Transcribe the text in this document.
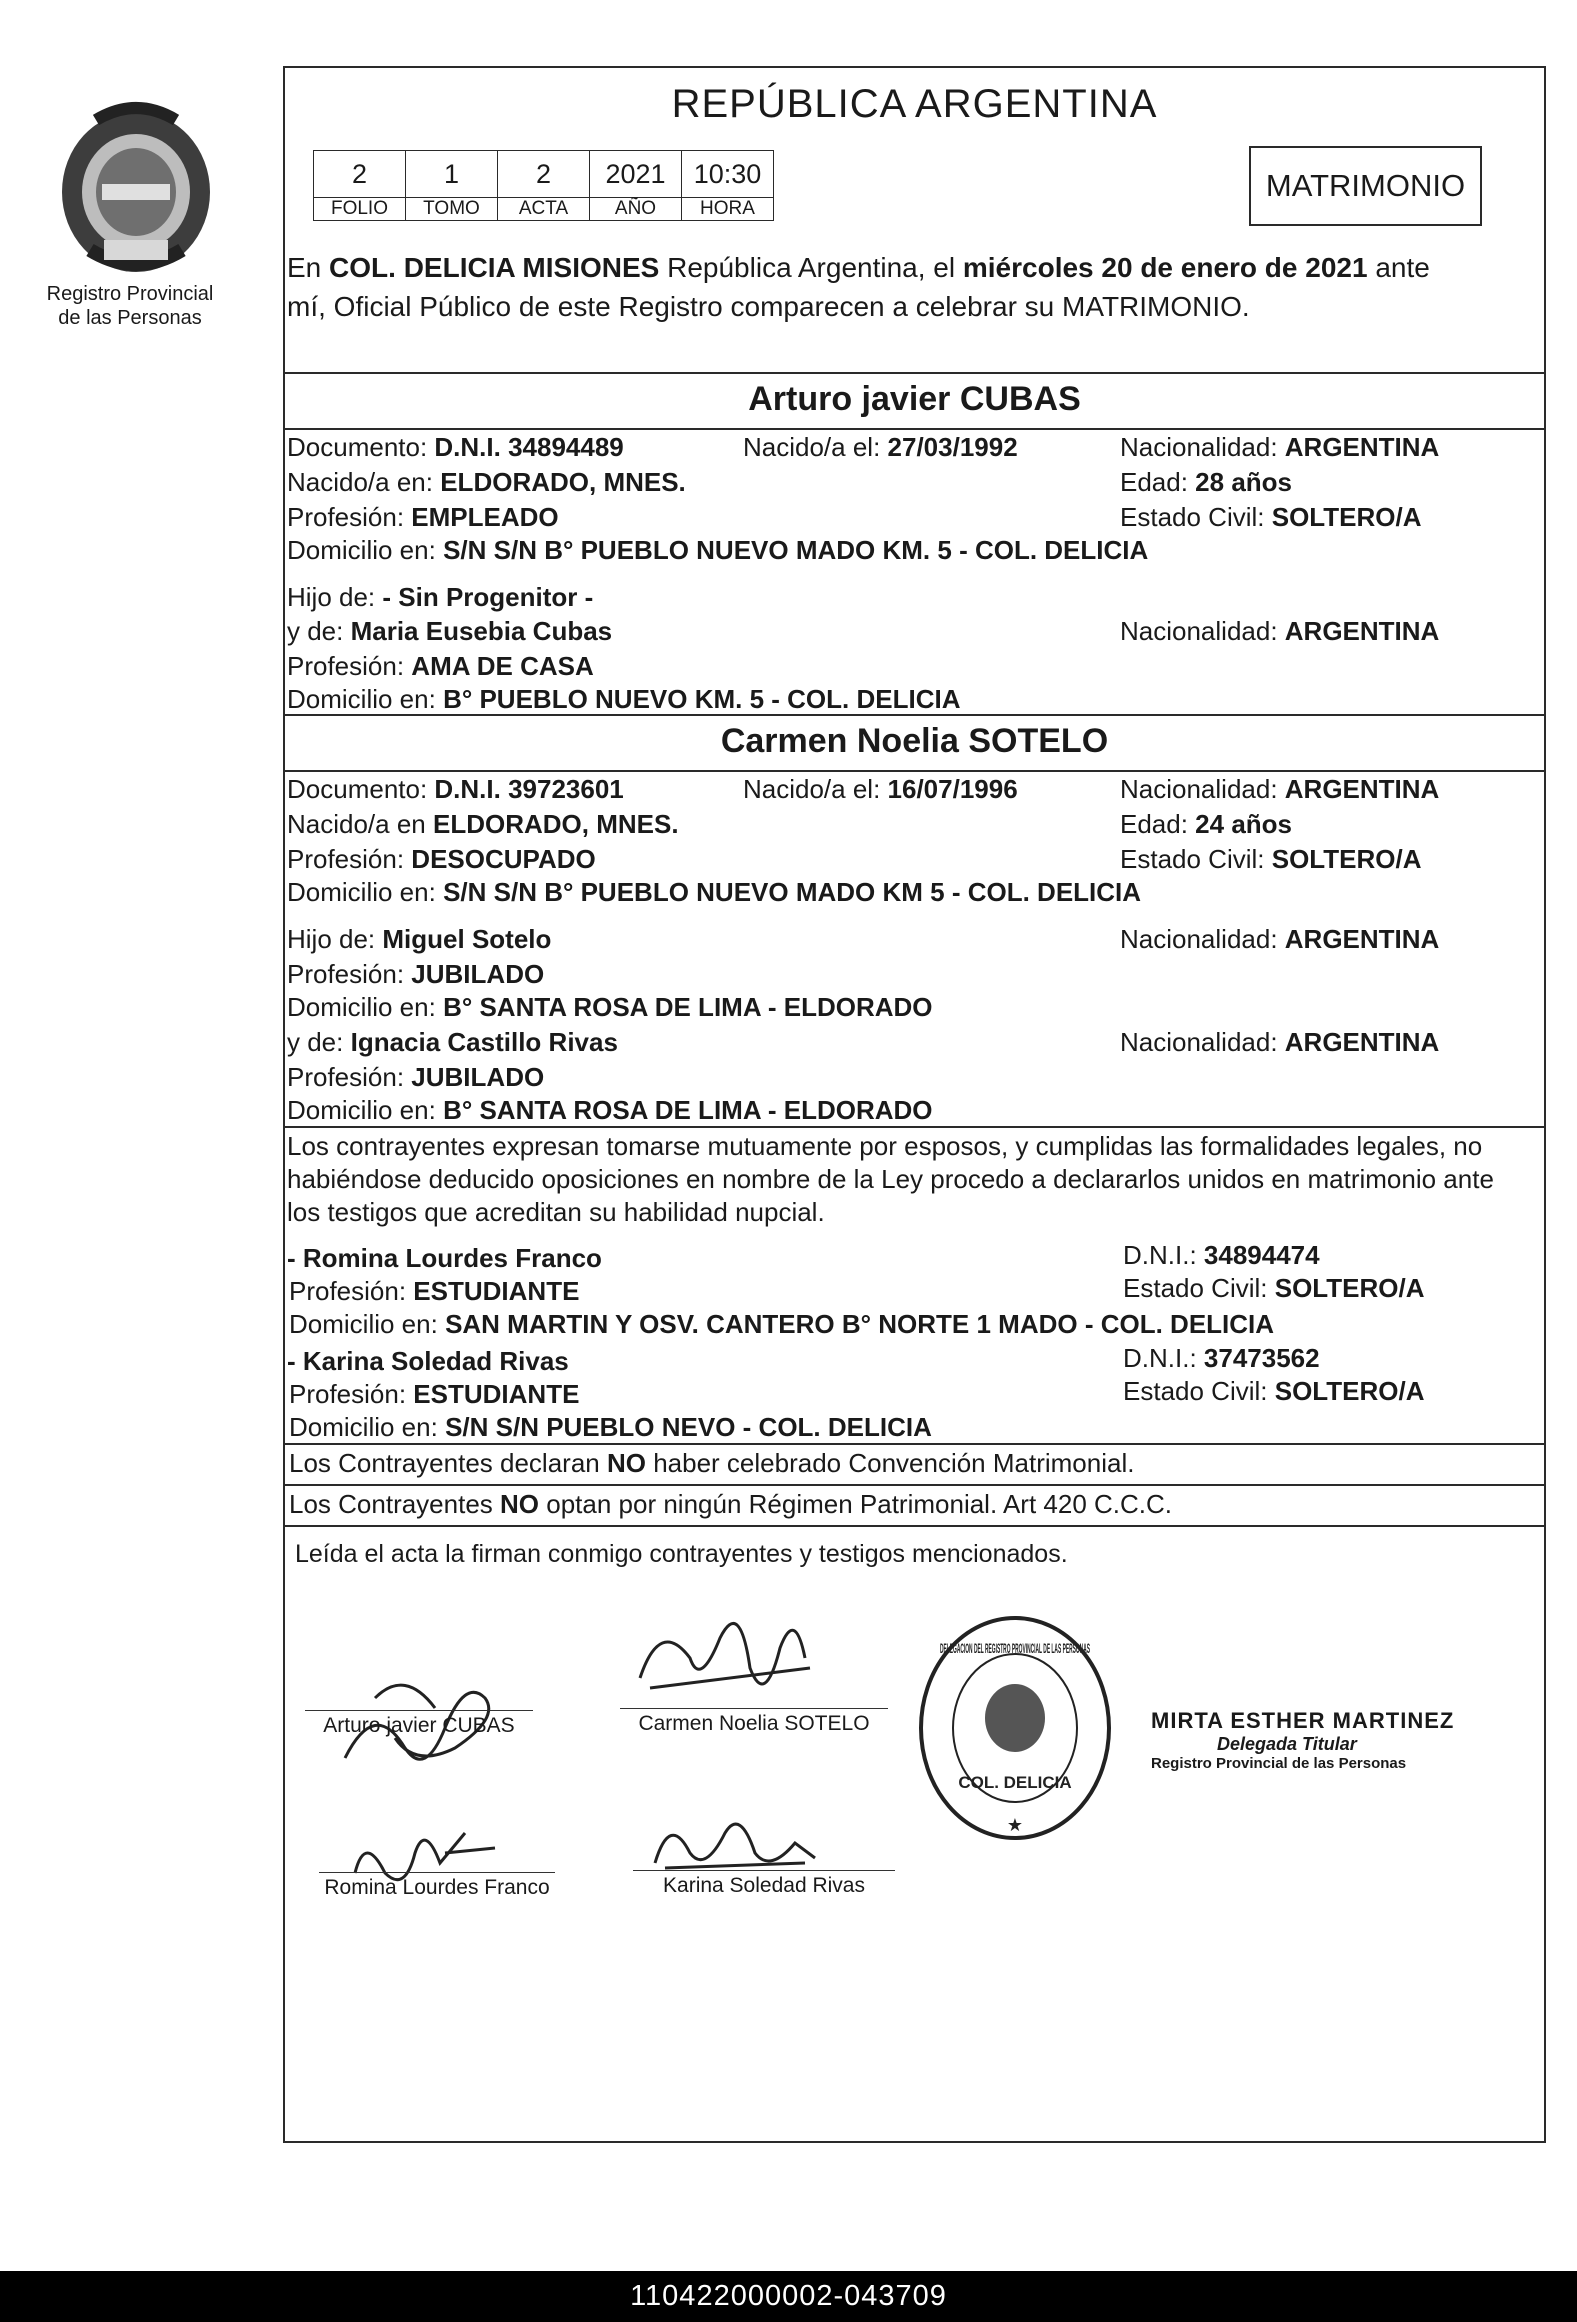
Registro Provincial
de las Personas
REPÚBLICA ARGENTINA
2	1	2	2021	10:30
FOLIO	TOMO	ACTA	AÑO	HORA
MATRIMONIO
En COL. DELICIA MISIONES República Argentina, el miércoles 20 de enero de 2021 ante
mí, Oficial Público de este Registro comparecen a celebrar su MATRIMONIO.
Arturo javier CUBAS
Documento: D.N.I. 34894489	Nacido/a el: 27/03/1992	Nacionalidad: ARGENTINA
Nacido/a en: ELDORADO, MNES.	Edad: 28 años
Profesión: EMPLEADO	Estado Civil: SOLTERO/A
Domicilio en: S/N S/N B° PUEBLO NUEVO MADO KM. 5 - COL. DELICIA
Hijo de: - Sin Progenitor -
y de: Maria Eusebia Cubas	Nacionalidad: ARGENTINA
Profesión: AMA DE CASA
Domicilio en: B° PUEBLO NUEVO KM. 5 - COL. DELICIA
Carmen Noelia SOTELO
Documento: D.N.I. 39723601	Nacido/a el: 16/07/1996	Nacionalidad: ARGENTINA
Nacido/a en ELDORADO, MNES.	Edad: 24 años
Profesión: DESOCUPADO	Estado Civil: SOLTERO/A
Domicilio en: S/N S/N B° PUEBLO NUEVO MADO KM 5 - COL. DELICIA
Hijo de: Miguel Sotelo	Nacionalidad: ARGENTINA
Profesión: JUBILADO
Domicilio en: B° SANTA ROSA DE LIMA - ELDORADO
y de: Ignacia Castillo Rivas	Nacionalidad: ARGENTINA
Profesión: JUBILADO
Domicilio en: B° SANTA ROSA DE LIMA - ELDORADO
Los contrayentes expresan tomarse mutuamente por esposos, y cumplidas las formalidades legales, no
habiéndose deducido oposiciones en nombre de la Ley procedo a declararlos unidos en matrimonio ante
los testigos que acreditan su habilidad nupcial.
- Romina Lourdes Franco	D.N.I.: 34894474
Profesión: ESTUDIANTE	Estado Civil: SOLTERO/A
Domicilio en: SAN MARTIN Y OSV. CANTERO B° NORTE 1 MADO - COL. DELICIA
- Karina Soledad Rivas	D.N.I.: 37473562
Profesión: ESTUDIANTE	Estado Civil: SOLTERO/A
Domicilio en: S/N S/N PUEBLO NEVO - COL. DELICIA
Los Contrayentes declaran NO haber celebrado Convención Matrimonial.
Los Contrayentes NO optan por ningún Régimen Patrimonial. Art 420 C.C.C.
Leída el acta la firman conmigo contrayentes y testigos mencionados.
Arturo javier CUBAS	Carmen Noelia SOTELO
Romina Lourdes Franco	Karina Soledad Rivas
DELEGACION DEL REGISTRO PROVINCIAL DE LAS PERSONAS
COL. DELICIA
★
MIRTA ESTHER MARTINEZ
Delegada Titular
Registro Provincial de las Personas
110422000002-043709
